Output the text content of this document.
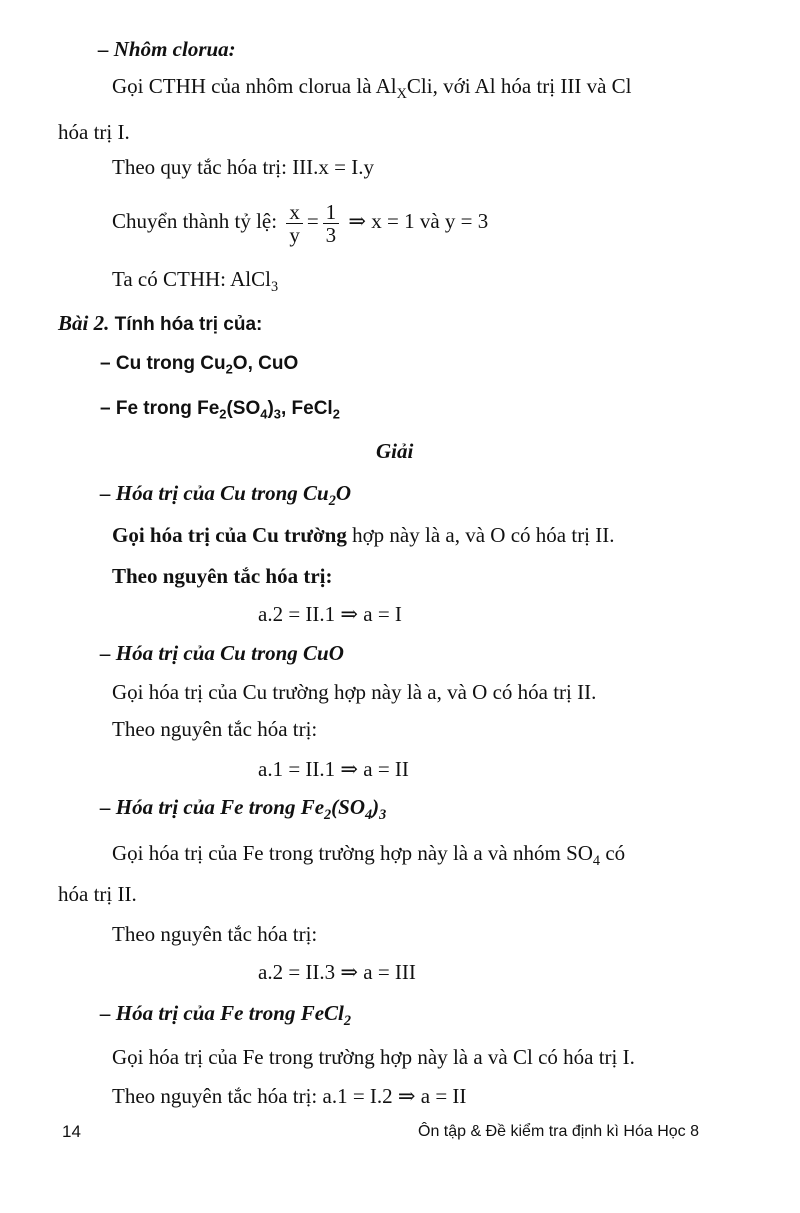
– Nhôm clorua:
Gọi CTHH của nhôm clorua là $Al_XCli$, với Al hóa trị III và Cl
hóa trị I.
Theo quy tắc hóa trị: III.x = I.y
Chuyển thành tỷ lệ: $\frac{x}{y} = \frac{1}{3}$ ⇒ x = 1 và y = 3
Ta có CTHH: AlCl$_3$
Bài 2. Tính hóa trị của:
– Cu trong $Cu_2O$, CuO
– Fe trong $Fe_2(SO_4)_3$, FeCl$_2$
Giải
– Hóa trị của Cu trong $Cu_2O$
Gọi hóa trị của Cu trường hợp này là a, và O có hóa trị II.
Theo nguyên tắc hóa trị:
a.2 = II.1 ⇒ a = I
– Hóa trị của Cu trong CuO
Gọi hóa trị của Cu trường hợp này là a, và O có hóa trị II.
Theo nguyên tắc hóa trị:
a.1 = II.1 ⇒ a = II
– Hóa trị của Fe trong $Fe_2(SO_4)_3$
Gọi hóa trị của Fe trong trường hợp này là a và nhóm $SO_4$ có
hóa trị II.
Theo nguyên tắc hóa trị:
a.2 = II.3 ⇒ a = III
– Hóa trị của Fe trong FeCl$_2$
Gọi hóa trị của Fe trong trường hợp này là a và Cl có hóa trị I.
Theo nguyên tắc hóa trị: a.1 = I.2 ⇒ a = II
14	Ôn tập & Đề kiểm tra định kì Hóa Học 8
